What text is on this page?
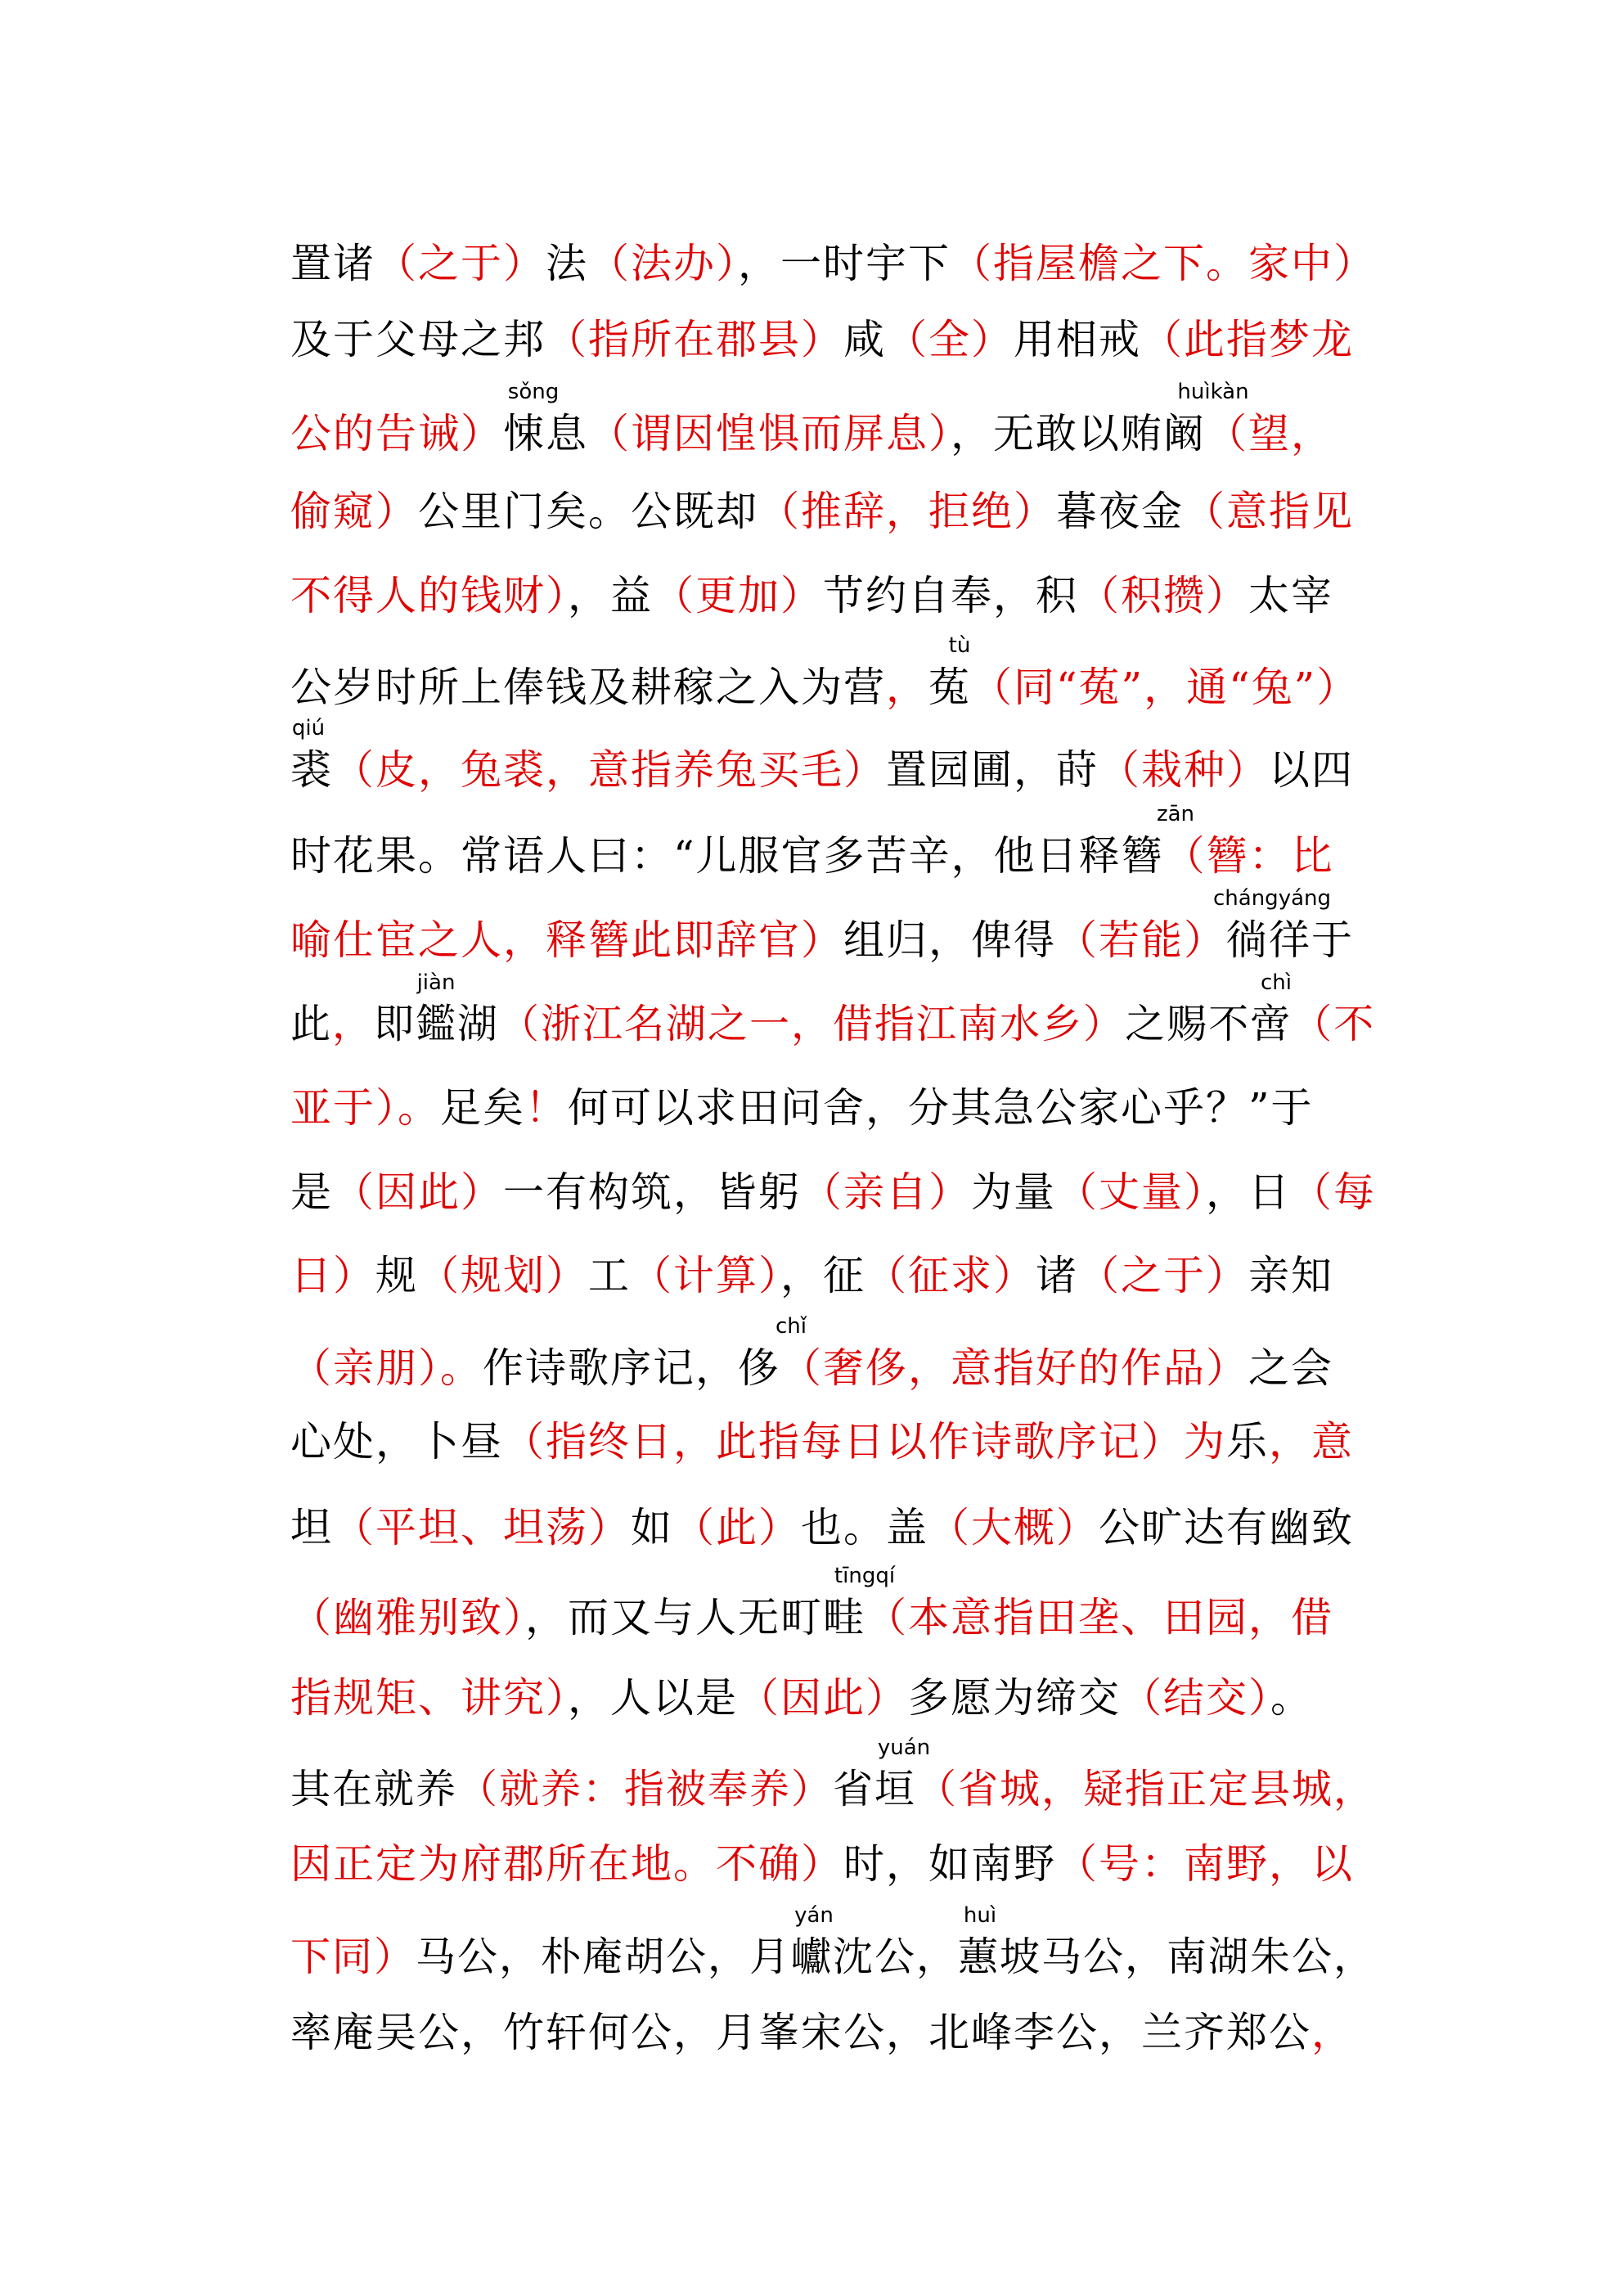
置诸（之于）法（法办），一时宇下（指屋檐之下。家中）
及于父母之邦（指所在郡县）咸（全）用相戒（此指梦龙
公的告诫）悚息（谓因惶惧而屏息），无敢以贿阚（望，
sǒng	huìkàn
偷窥）公里门矣。公既却（推辞，拒绝）暮夜金（意指见
不得人的钱财），益（更加）节约自奉，积（积攒）太宰
公岁时所上俸钱及耕稼之入为营，菟（同“菟”，通“兔”）
tù
裘（皮，兔裘，意指养兔买毛）置园圃，莳（栽种）以四
qiú
时花果。常语人曰：“儿服官多苦辛，他日释簪（簪：比
zān
喻仕宦之人，释簪此即辞官）组归，俾得（若能）徜徉于
chángyáng
此，即鑑湖（浙江名湖之一，借指江南水乡）之赐不啻（不
jiàn	chì
亚于）。足矣！何可以求田问舍，分其急公家心乎？”于
是（因此）一有构筑，皆躬（亲自）为量（丈量），日（每
日）规（规划）工（计算），征（征求）诸（之于）亲知
（亲朋）。作诗歌序记，侈（奢侈，意指好的作品）之会
chǐ
心处，卜昼（指终日，此指每日以作诗歌序记）为乐，意
坦（平坦、坦荡）如（此）也。盖（大概）公旷达有幽致
（幽雅别致），而又与人无町畦（本意指田垄、田园，借
tīngqí
指规矩、讲究），人以是（因此）多愿为缔交（结交）。
其在就养（就养：指被奉养）省垣（省城，疑指正定县城，
yuán
因正定为府郡所在地。不确）时，如南野（号：南野，以
下同）马公，朴庵胡公，月巘沈公，蕙坡马公，南湖朱公，
yán	huì
率庵吴公，竹轩何公，月峯宋公，北峰李公，兰齐郑公，
